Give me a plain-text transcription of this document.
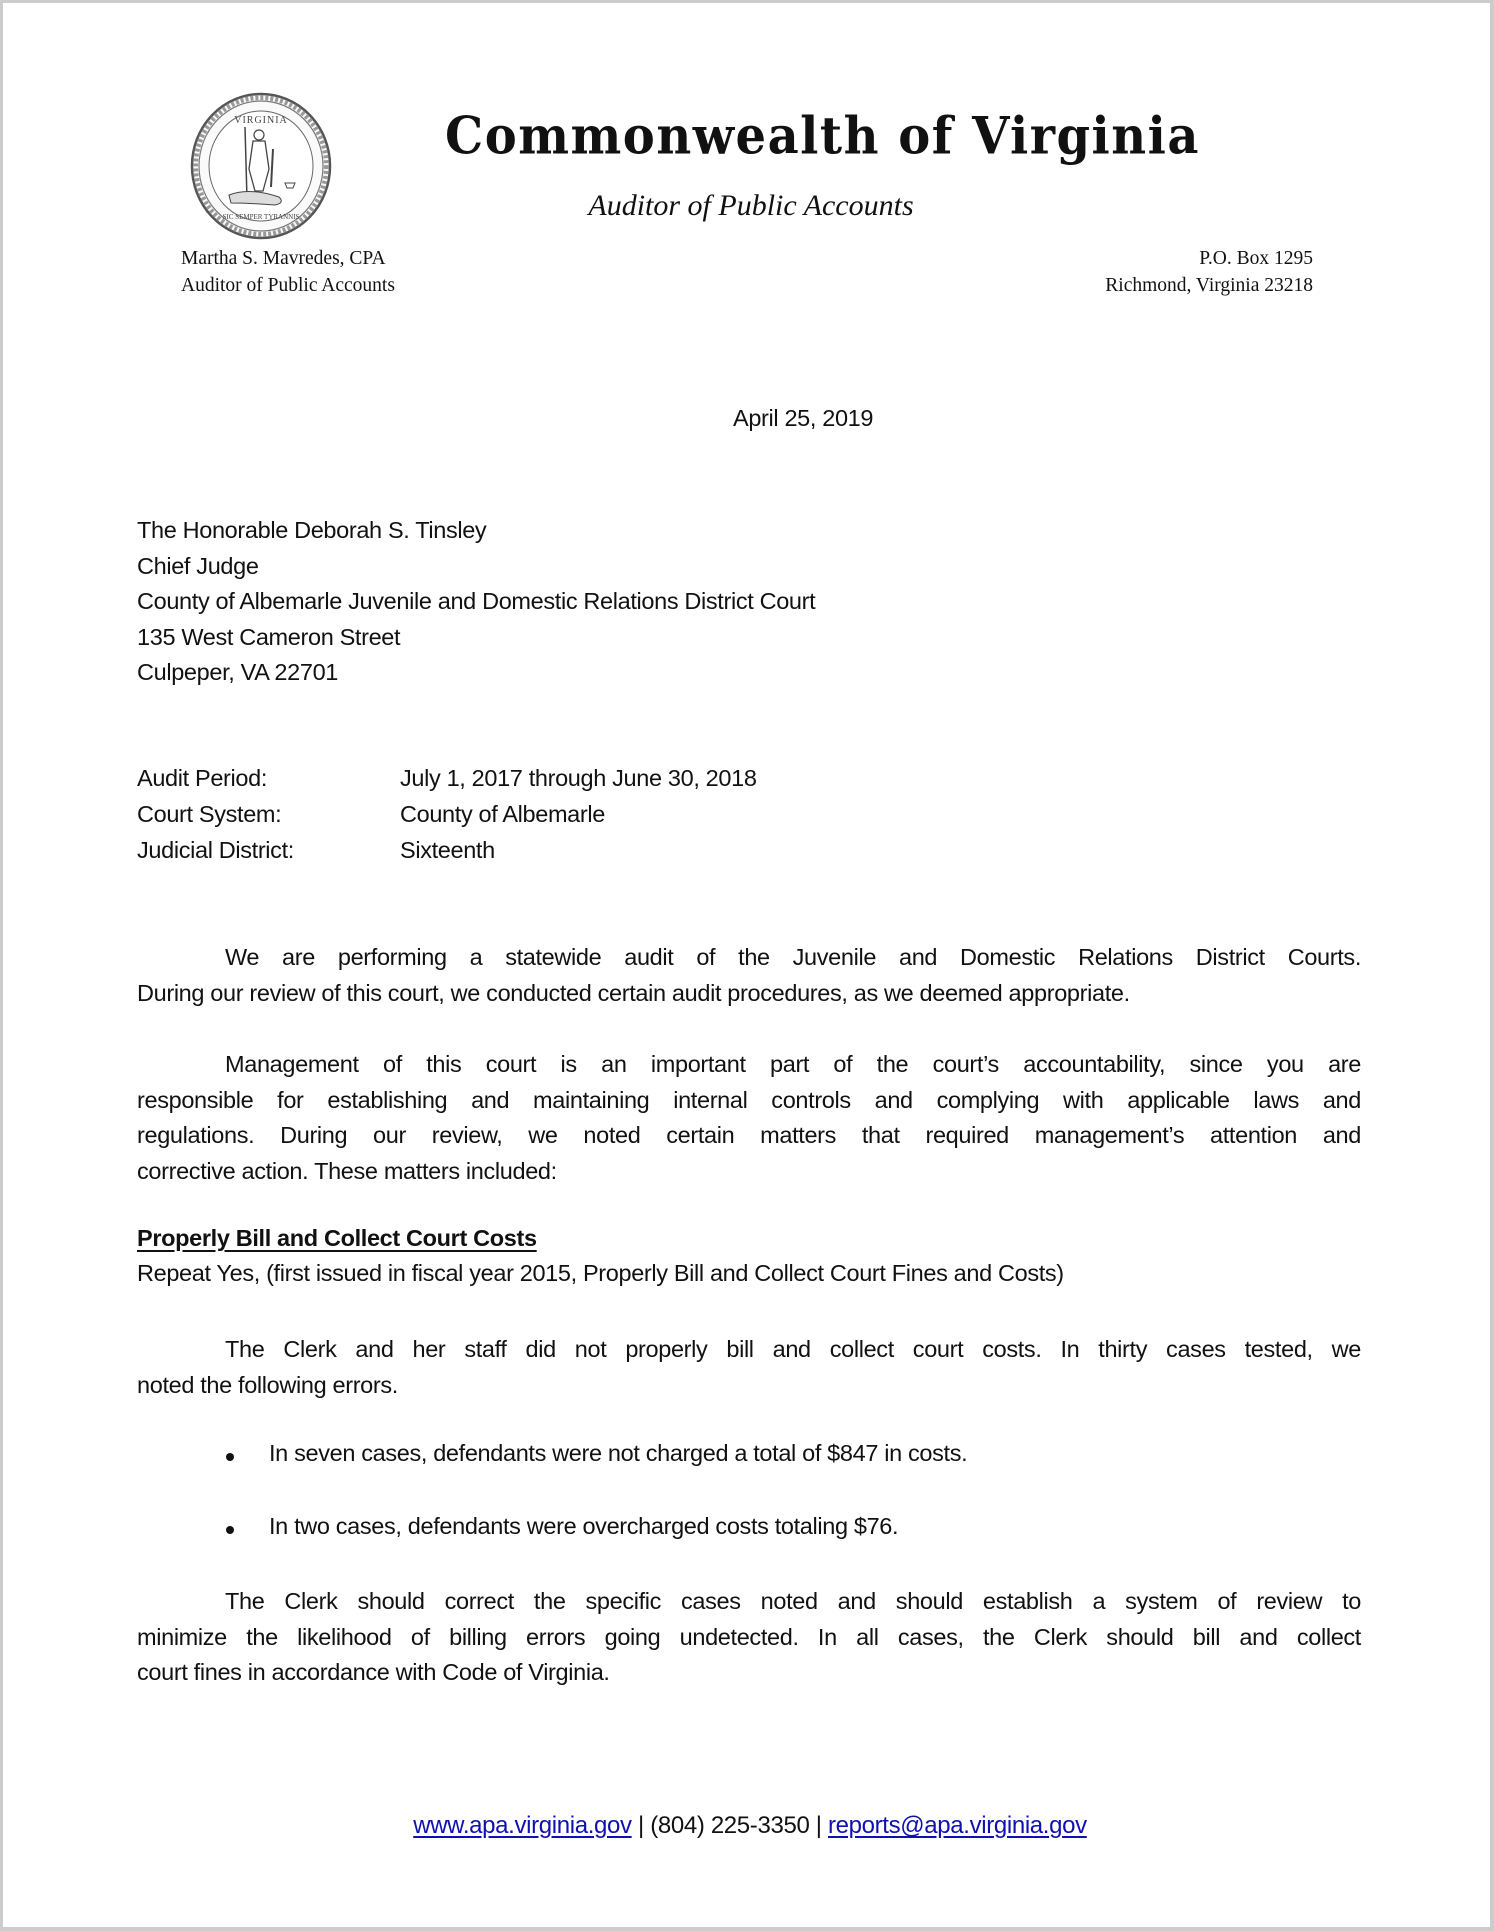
VIRGINIA
SIC SEMPER TYRANNIS
Commonwealth of Virginia
Auditor of Public Accounts
Martha S. Mavredes, CPA
Auditor of Public Accounts
P.O. Box 1295
Richmond, Virginia 23218
April 25, 2019
The Honorable Deborah S. Tinsley
Chief Judge
County of Albemarle Juvenile and Domestic Relations District Court
135 West Cameron Street
Culpeper, VA 22701
Audit Period:	July 1, 2017 through June 30, 2018
Court System:	County of Albemarle
Judicial District:	Sixteenth
We are performing a statewide audit of the Juvenile and Domestic Relations District Courts.
During our review of this court, we conducted certain audit procedures, as we deemed appropriate.
Management of this court is an important part of the court’s accountability, since you are
responsible for establishing and maintaining internal controls and complying with applicable laws and
regulations. During our review, we noted certain matters that required management’s attention and
corrective action. These matters included:
Properly Bill and Collect Court Costs
Repeat Yes, (first issued in fiscal year 2015, Properly Bill and Collect Court Fines and Costs)
The Clerk and her staff did not properly bill and collect court costs. In thirty cases tested, we
noted the following errors.
In seven cases, defendants were not charged a total of $847 in costs.
In two cases, defendants were overcharged costs totaling $76.
The Clerk should correct the specific cases noted and should establish a system of review to
minimize the likelihood of billing errors going undetected. In all cases, the Clerk should bill and collect
court fines in accordance with Code of Virginia.
www.apa.virginia.gov | (804) 225-3350 | reports@apa.virginia.gov
